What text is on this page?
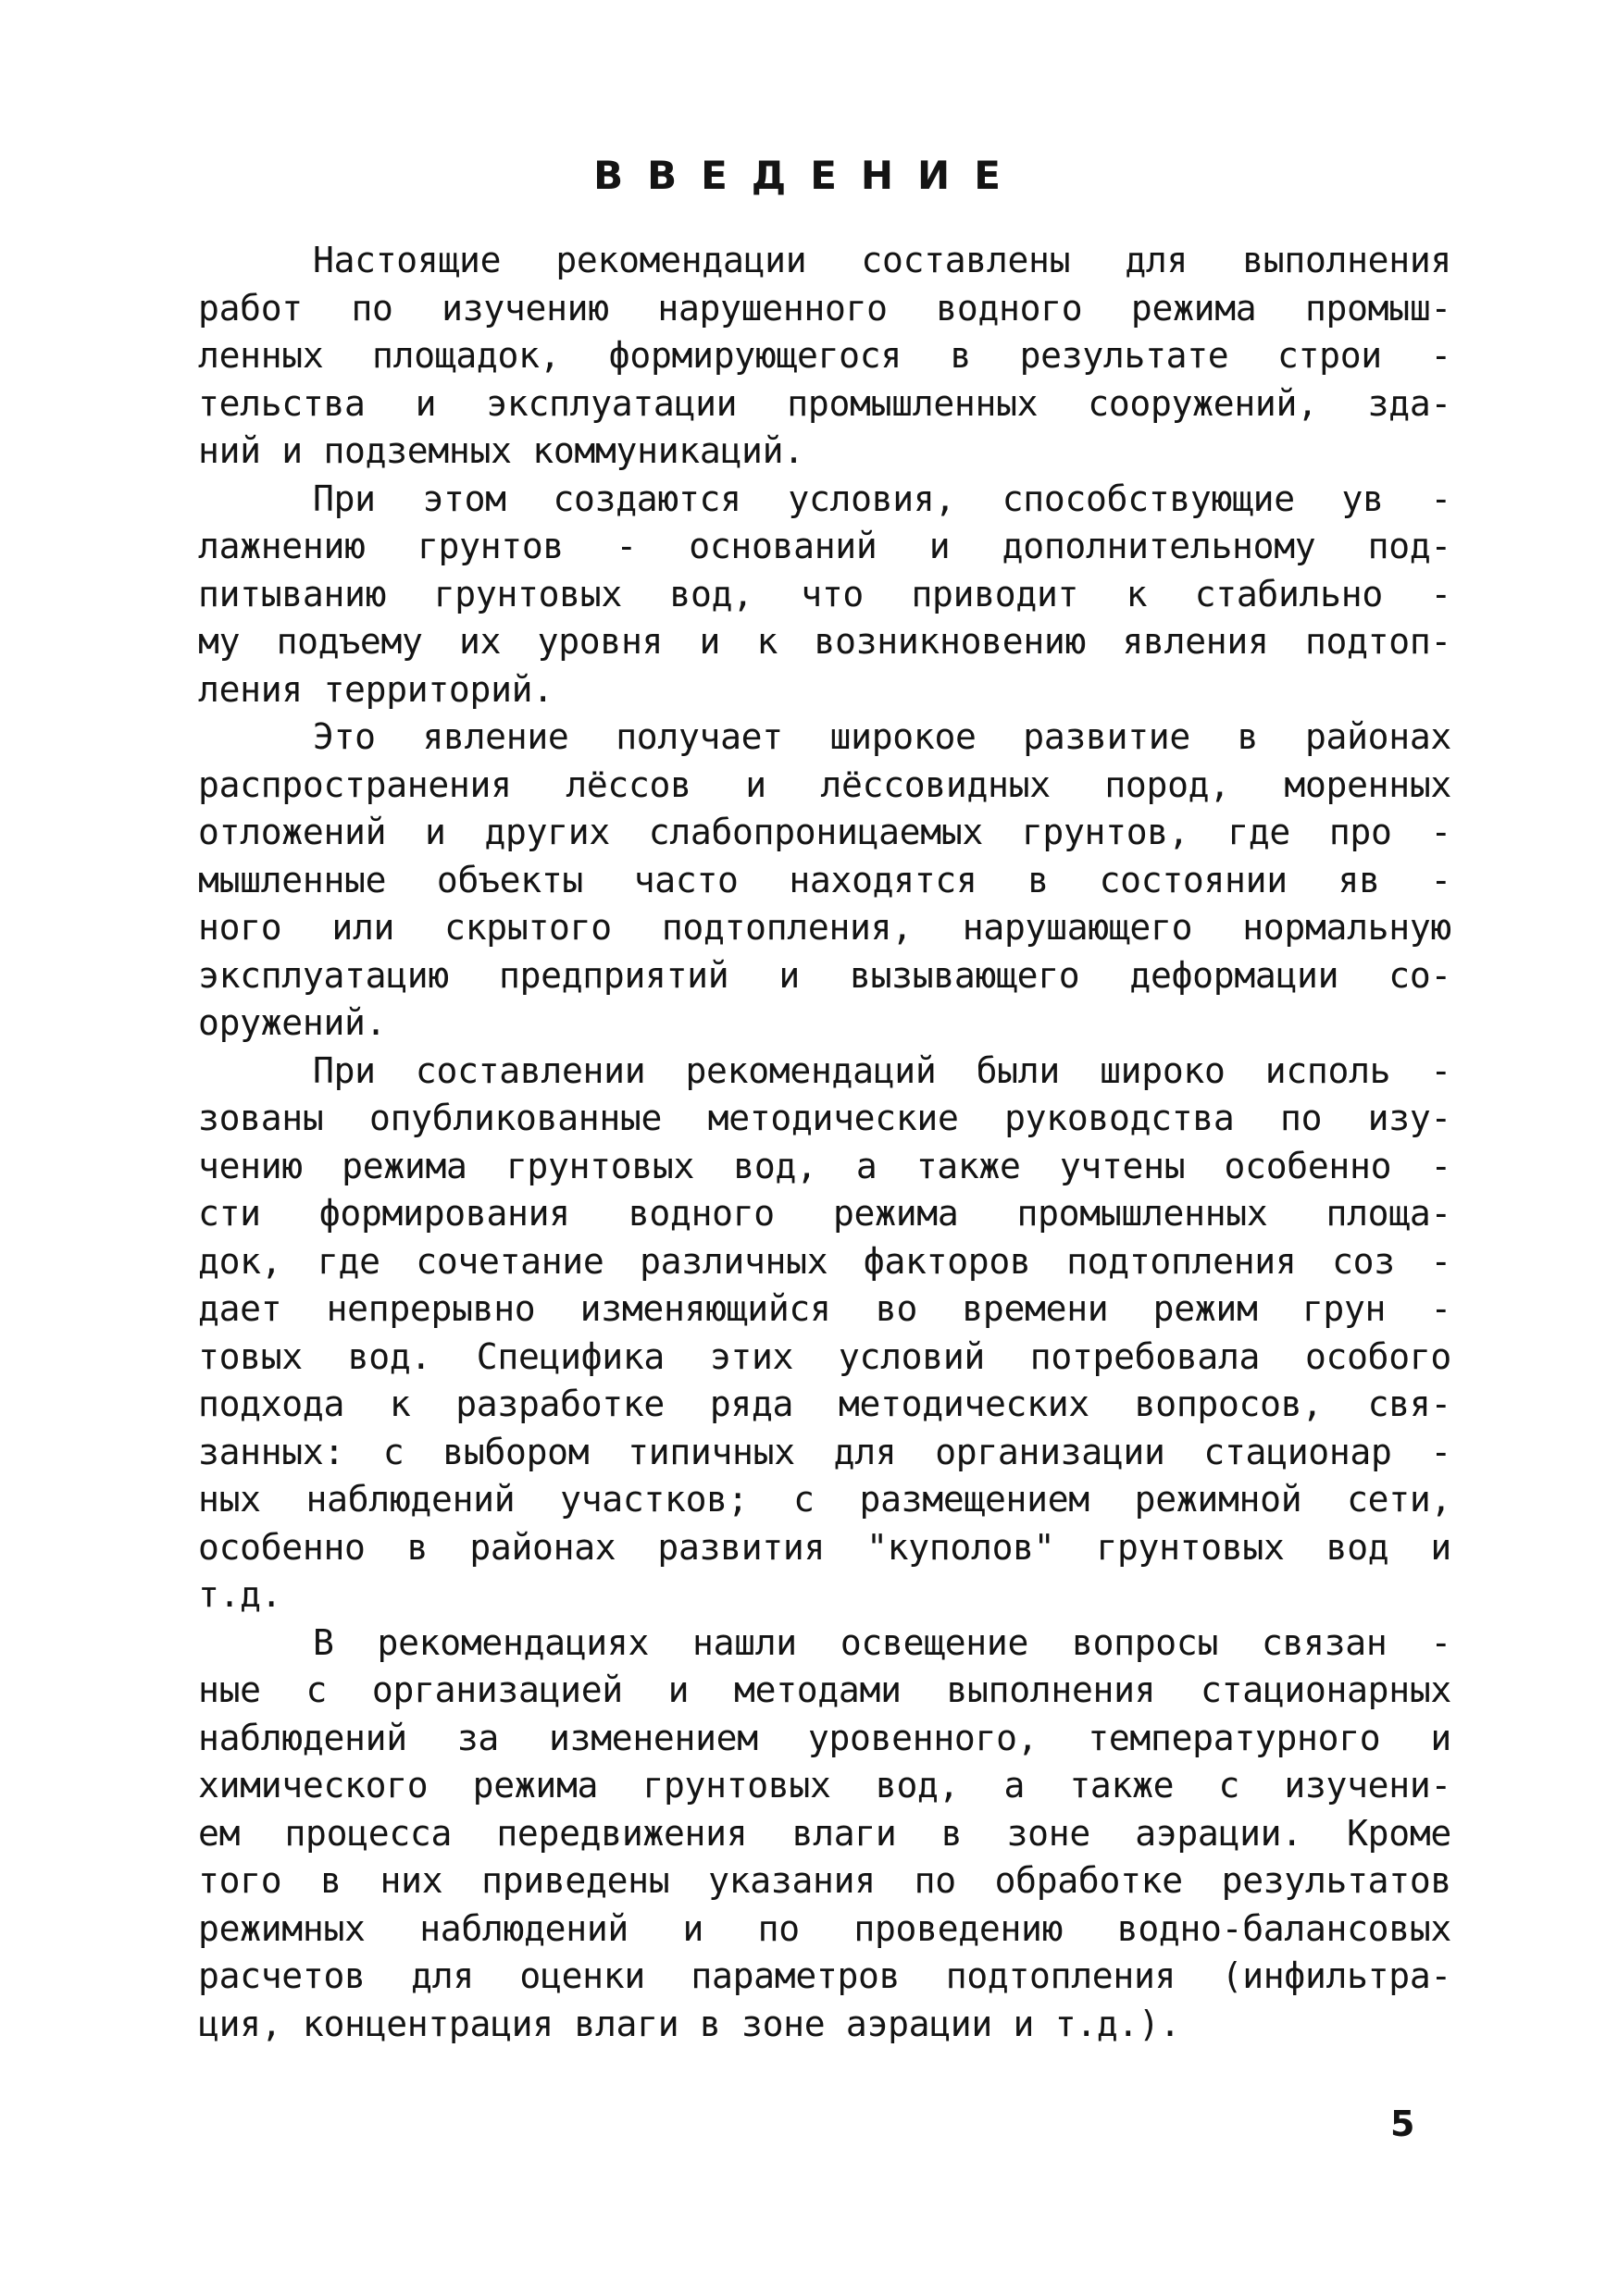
ВВЕДЕНИЕ
Настоящие рекомендации составлены для выполнения
работ по изучению нарушенного водного режима промыш-
ленных площадок, формирующегося в результате строи -
тельства и эксплуатации промышленных сооружений, зда-
ний и подземных коммуникаций.
При этом создаются условия, способствующие ув -
лажнению грунтов - оснований и дополнительному под-
питыванию грунтовых вод, что приводит к стабильно -
му подъему их уровня и к возникновению явления подтоп-
ления территорий.
Это явление получает широкое развитие в районах
распространения лёссов и лёссовидных пород, моренных
отложений и других слабопроницаемых грунтов, где про -
мышленные объекты часто находятся в состоянии яв -
ного или скрытого подтопления, нарушающего нормальную
эксплуатацию предприятий и вызывающего деформации со-
оружений.
При составлении рекомендаций были широко исполь -
зованы опубликованные методические руководства по изу-
чению режима грунтовых вод, а также учтены особенно -
сти формирования водного режима промышленных площа-
док, где сочетание различных факторов подтопления соз -
дает непрерывно изменяющийся во времени режим грун -
товых вод. Специфика этих условий потребовала особого
подхода к разработке ряда методических вопросов, свя-
занных: с выбором типичных для организации стационар -
ных наблюдений участков; с размещением режимной сети,
особенно в районах развития "куполов" грунтовых вод и
т.д.
В рекомендациях нашли освещение вопросы связан -
ные с организацией и методами выполнения стационарных
наблюдений за изменением уровенного, температурного и
химического режима грунтовых вод, а также с изучени-
ем процесса передвижения влаги в зоне аэрации. Кроме
того в них приведены указания по обработке результатов
режимных наблюдений и по проведению водно-балансовых
расчетов для оценки параметров подтопления (инфильтра-
ция, концентрация влаги в зоне аэрации и т.д.).
5
